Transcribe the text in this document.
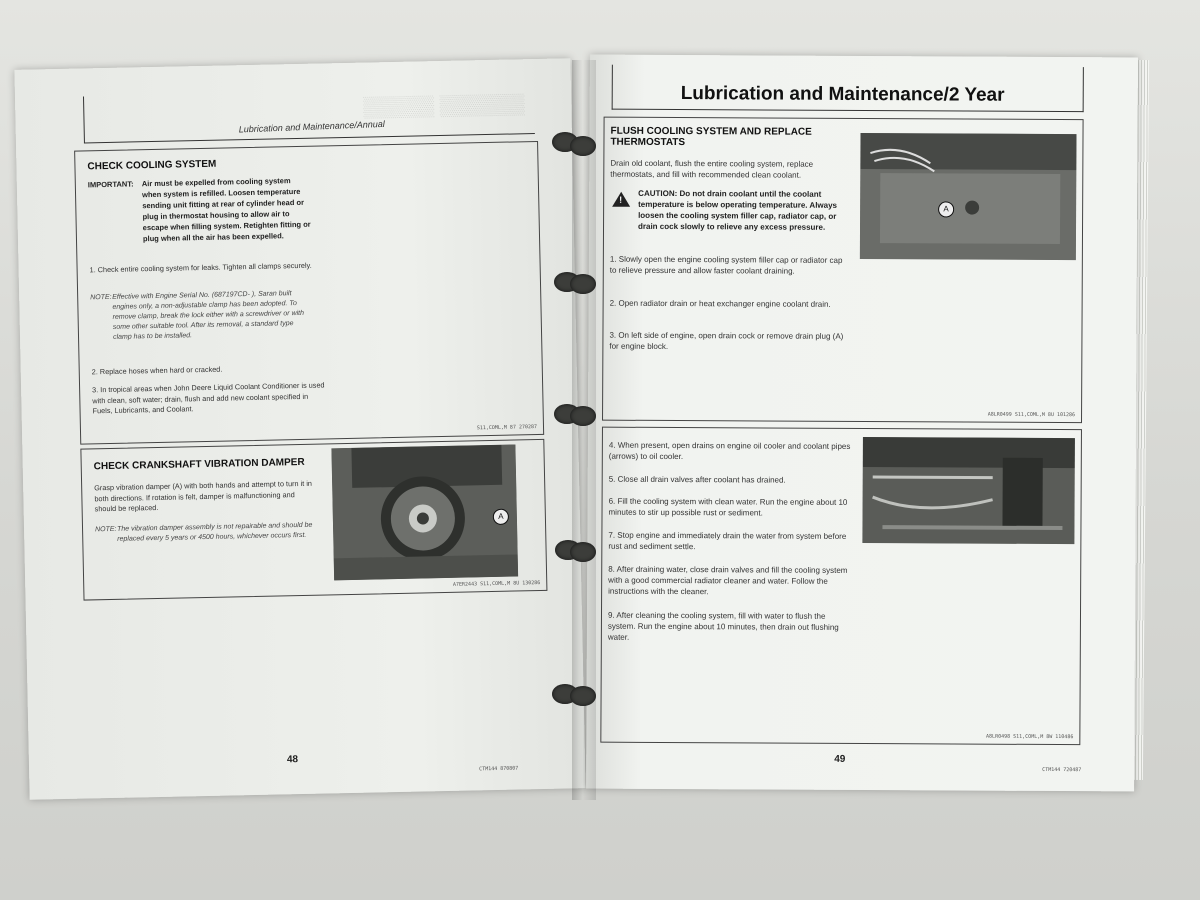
Lubrication and Maintenance/Annual
▒▒▒▒▒▒ ▒▒▒▒▒
CHECK COOLING SYSTEM
IMPORTANT: Air must be expelled from cooling system when system is refilled. Loosen temperature sending unit fitting at rear of cylinder head or plug in thermostat housing to allow air to escape when filling system. Retighten fitting or plug when all the air has been expelled.
1. Check entire cooling system for leaks. Tighten all clamps securely.
NOTE: Effective with Engine Serial No. (687197CD- ), Saran built engines only, a non-adjustable clamp has been adopted. To remove clamp, break the lock either with a screwdriver or with some other suitable tool. After its removal, a standard type clamp has to be installed.
2. Replace hoses when hard or cracked.
3. In tropical areas when John Deere Liquid Coolant Conditioner is used with clean, soft water; drain, flush and add new coolant specified in Fuels, Lubricants, and Coolant.
S11,COML,M 87 270287
CHECK CRANKSHAFT VIBRATION DAMPER
Grasp vibration damper (A) with both hands and attempt to turn it in both directions. If rotation is felt, damper is malfunctioning and should be replaced.
NOTE: The vibration damper assembly is not repairable and should be replaced every 5 years or 4500 hours, whichever occurs first.
A
A7ER2443 S11,COML,M 8U 130286
48
CTM144 870807
Lubrication and Maintenance/2 Year
FLUSH COOLING SYSTEM AND REPLACE THERMOSTATS
Drain old coolant, flush the entire cooling system, replace thermostats, and fill with recommended clean coolant.
!
CAUTION: Do not drain coolant until the coolant temperature is below operating temperature. Always loosen the cooling system filler cap, radiator cap, or drain cock slowly to relieve any excess pressure.
1. Slowly open the engine cooling system filler cap or radiator cap to relieve pressure and allow faster coolant draining.
2. Open radiator drain or heat exchanger engine coolant drain.
3. On left side of engine, open drain cock or remove drain plug (A) for engine block.
A
A8LR0499 S11,COML,M 8U 101286
4. When present, open drains on engine oil cooler and coolant pipes (arrows) to oil cooler.
5. Close all drain valves after coolant has drained.
6. Fill the cooling system with clean water. Run the engine about 10 minutes to stir up possible rust or sediment.
7. Stop engine and immediately drain the water from system before rust and sediment settle.
8. After draining water, close drain valves and fill the cooling system with a good commercial radiator cleaner and water. Follow the instructions with the cleaner.
9. After cleaning the cooling system, fill with water to flush the system. Run the engine about 10 minutes, then drain out flushing water.
A8LR0498 S11,COML,M 8W 110486
49
CTM144 720487
